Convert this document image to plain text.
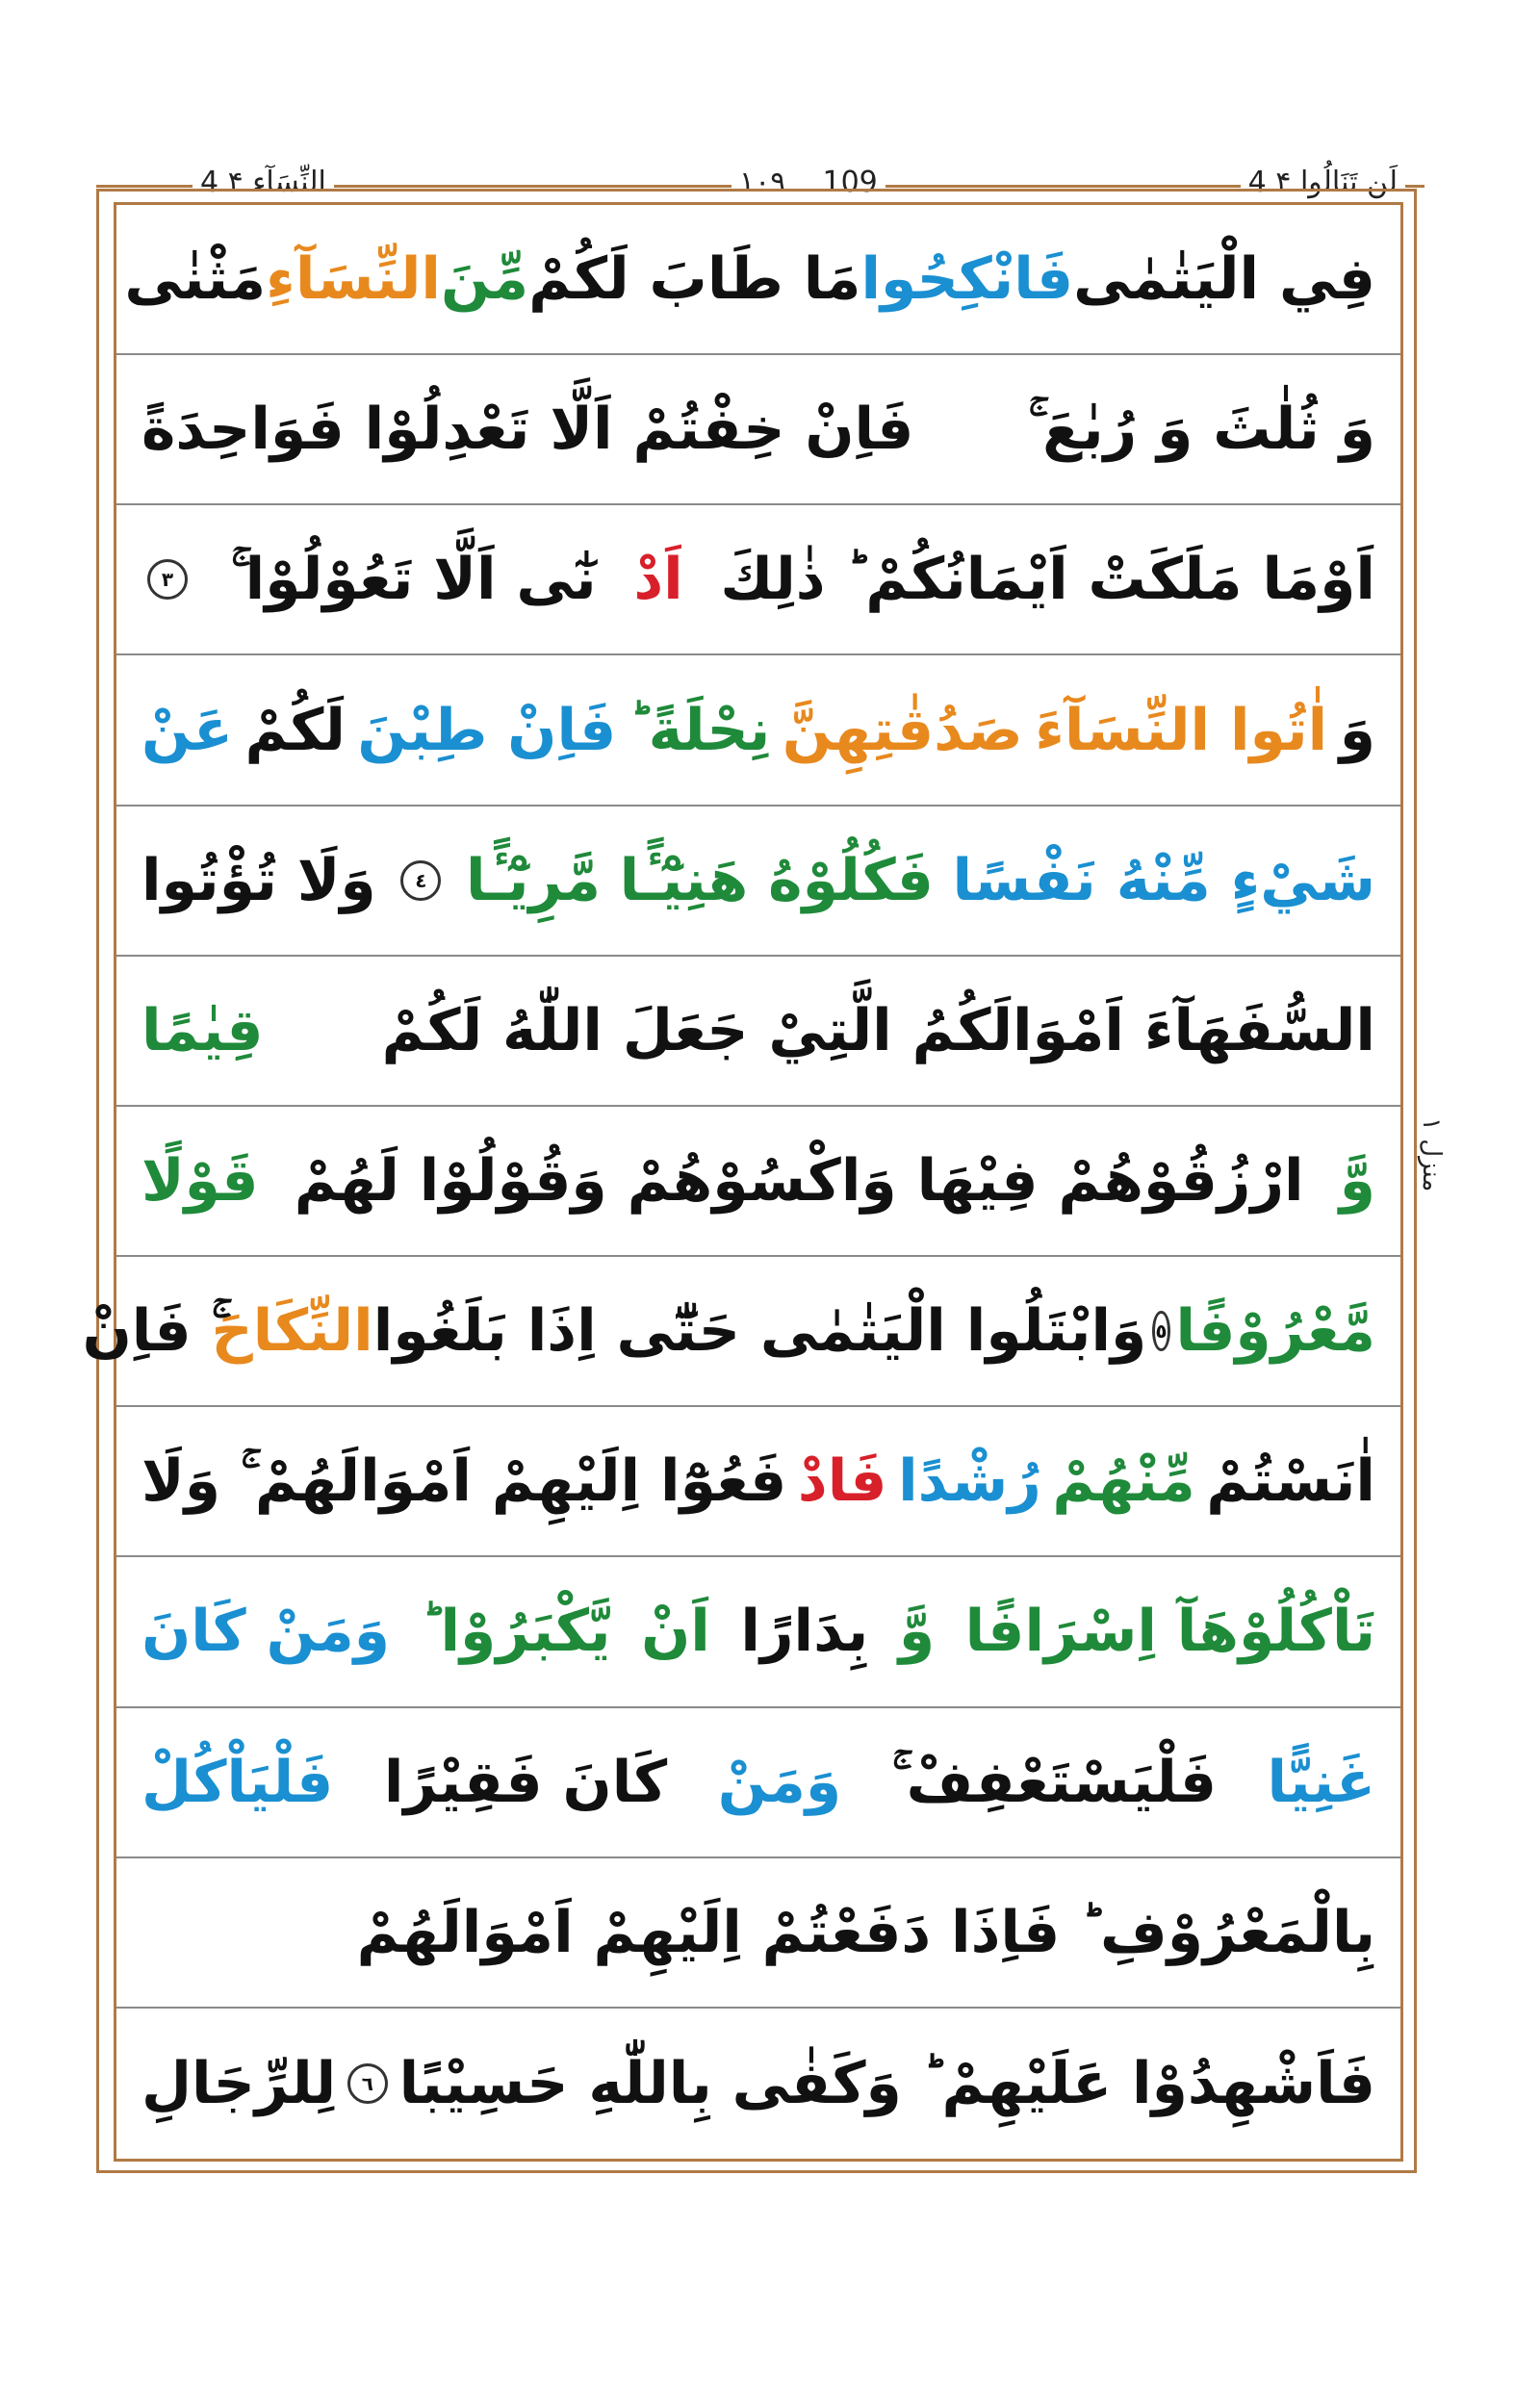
4 لَن تَنَالُوا ۴
١٠٩ 109
النِّسَآء ۴ 4
فِي الْيَتٰمٰى
فَانْكِحُوا
مَا طَابَ لَكُمْ
مِّنَ
النِّسَآءِ
مَثْنٰى
وَ ثُلٰثَ وَ رُبٰعَ ۚ
فَاِنْ خِفْتُمْ اَلَّا تَعْدِلُوْا فَوَاحِدَةً
اَوْمَا مَلَكَتْ اَيْمَانُكُمْ ؕ ذٰلِكَ
اَدْ
نٰٓى اَلَّا تَعُوْلُوْا ۚ
٣
وَ
اٰتُوا النِّسَآءَ
صَدُقٰتِهِنَّ
نِحْلَةً ؕ
فَاِنْ طِبْنَ
لَكُمْ
عَنْ
شَيْءٍ مِّنْهُ نَفْسًا
فَكُلُوْهُ هَنِيْٓـًٔا
مَّرِيْٓـًٔا
٤
وَلَا تُؤْتُوا
السُّفَهَآءَ اَمْوَالَكُمُ الَّتِيْ جَعَلَ اللّٰهُ لَكُمْ
قِيٰمًا
وَّ
ارْزُقُوْهُمْ فِيْهَا وَاكْسُوْهُمْ وَقُوْلُوْا لَهُمْ
قَوْلًا
مَّعْرُوْفًا
٥
وَابْتَلُوا الْيَتٰمٰى حَتّٰٓى اِذَا بَلَغُوا
النِّكَاحَ
ۚ فَاِنْ
اٰنَسْتُمْ
مِّنْهُمْ
رُشْدًا
فَادْ
فَعُوْٓا اِلَيْهِمْ اَمْوَالَهُمْ ۚ وَلَا
تَاْكُلُوْهَآ اِسْرَافًا
وَّ
بِدَارًا
اَنْ
يَّكْبَرُوْا ؕ
وَمَنْ كَانَ
غَنِيًّا
فَلْيَسْتَعْفِفْ ۚ
وَمَنْ
كَانَ فَقِيْرًا
فَلْيَاْكُلْ
بِالْمَعْرُوْفِ ؕ فَاِذَا دَفَعْتُمْ اِلَيْهِمْ اَمْوَالَهُمْ
فَاَشْهِدُوْا عَلَيْهِمْ ؕ وَكَفٰى بِاللّٰهِ حَسِيْبًا
٦
لِلرِّجَالِ
منزل ١
